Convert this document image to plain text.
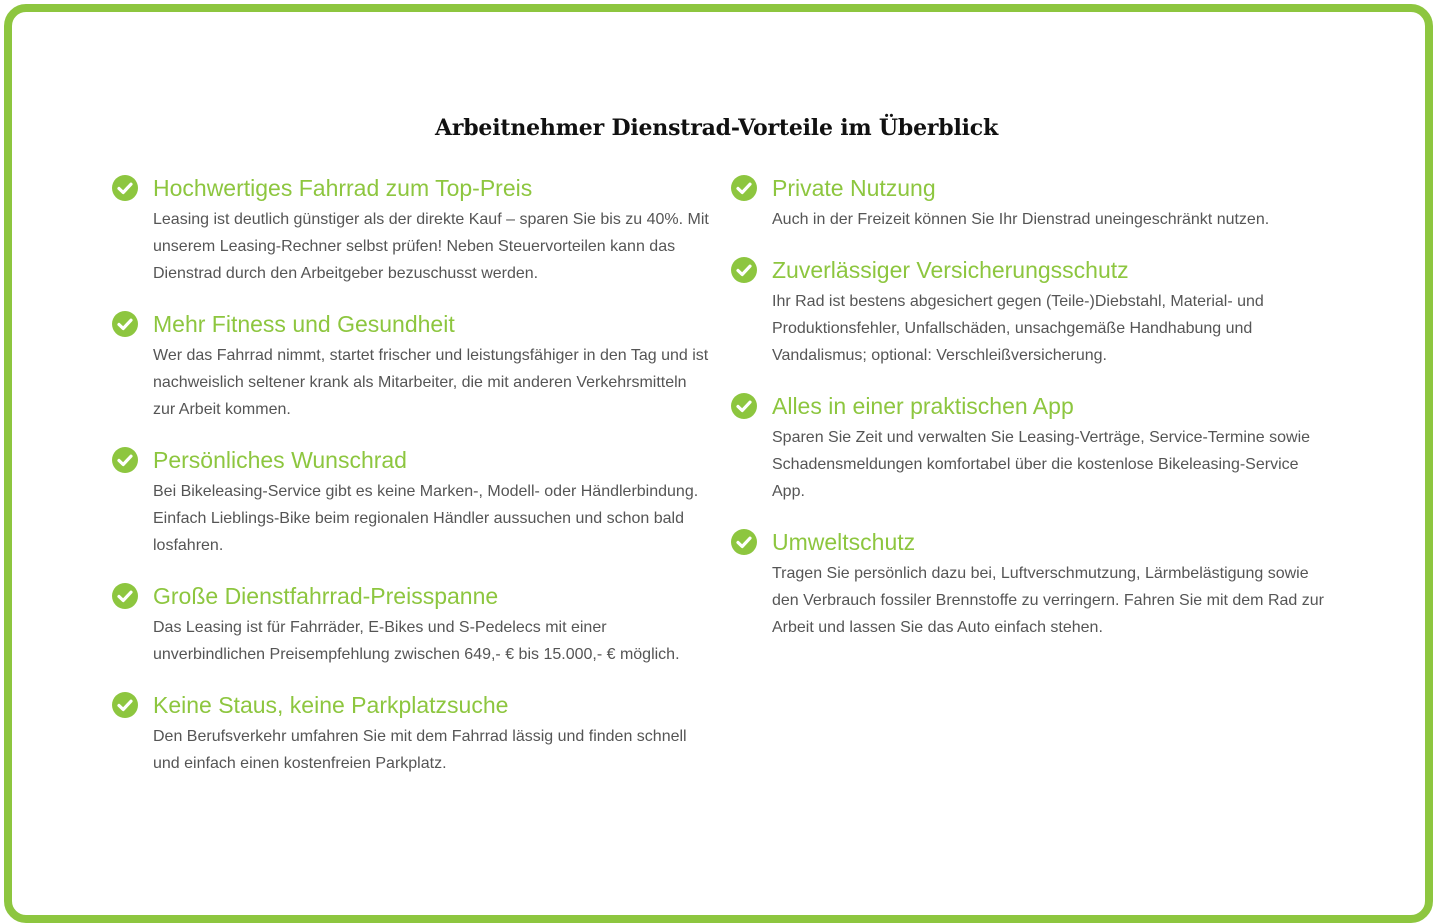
Arbeitnehmer Dienstrad-Vorteile im Überblick
Hochwertiges Fahrrad zum Top-Preis

Leasing ist deutlich günstiger als der direkte Kauf – sparen Sie bis zu 40%. Mit unserem Leasing-Rechner selbst prüfen! Neben Steuervorteilen kann das Dienstrad durch den Arbeitgeber bezuschusst werden.

Mehr Fitness und Gesundheit

Wer das Fahrrad nimmt, startet frischer und leistungsfähiger in den Tag und ist nachweislich seltener krank als Mitarbeiter, die mit anderen Verkehrsmitteln zur Arbeit kommen.

Persönliches Wunschrad

Bei Bikeleasing-Service gibt es keine Marken-, Modell- oder Händlerbindung. Einfach Lieblings-Bike beim regionalen Händler aussuchen und schon bald losfahren.

Große Dienstfahrrad-Preisspanne

Das Leasing ist für Fahrräder, E-Bikes und S-Pedelecs mit einer unverbindlichen Preisempfehlung zwischen 649,- € bis 15.000,- € möglich.

Keine Staus, keine Parkplatzsuche

Den Berufsverkehr umfahren Sie mit dem Fahrrad lässig und finden schnell und einfach einen kostenfreien Parkplatz.

Private Nutzung

Auch in der Freizeit können Sie Ihr Dienstrad uneingeschränkt nutzen.

Zuverlässiger Versicherungsschutz

Ihr Rad ist bestens abgesichert gegen (Teile-)Diebstahl, Material- und Produktionsfehler, Unfallschäden, unsachgemäße Handhabung und Vandalismus; optional: Verschleißversicherung.

Alles in einer praktischen App

Sparen Sie Zeit und verwalten Sie Leasing-Verträge, Service-Termine sowie Schadensmeldungen komfortabel über die kostenlose Bikeleasing-Service App.

Umweltschutz

Tragen Sie persönlich dazu bei, Luftverschmutzung, Lärmbelästigung sowie den Verbrauch fossiler Brennstoffe zu verringern. Fahren Sie mit dem Rad zur Arbeit und lassen Sie das Auto einfach stehen.
